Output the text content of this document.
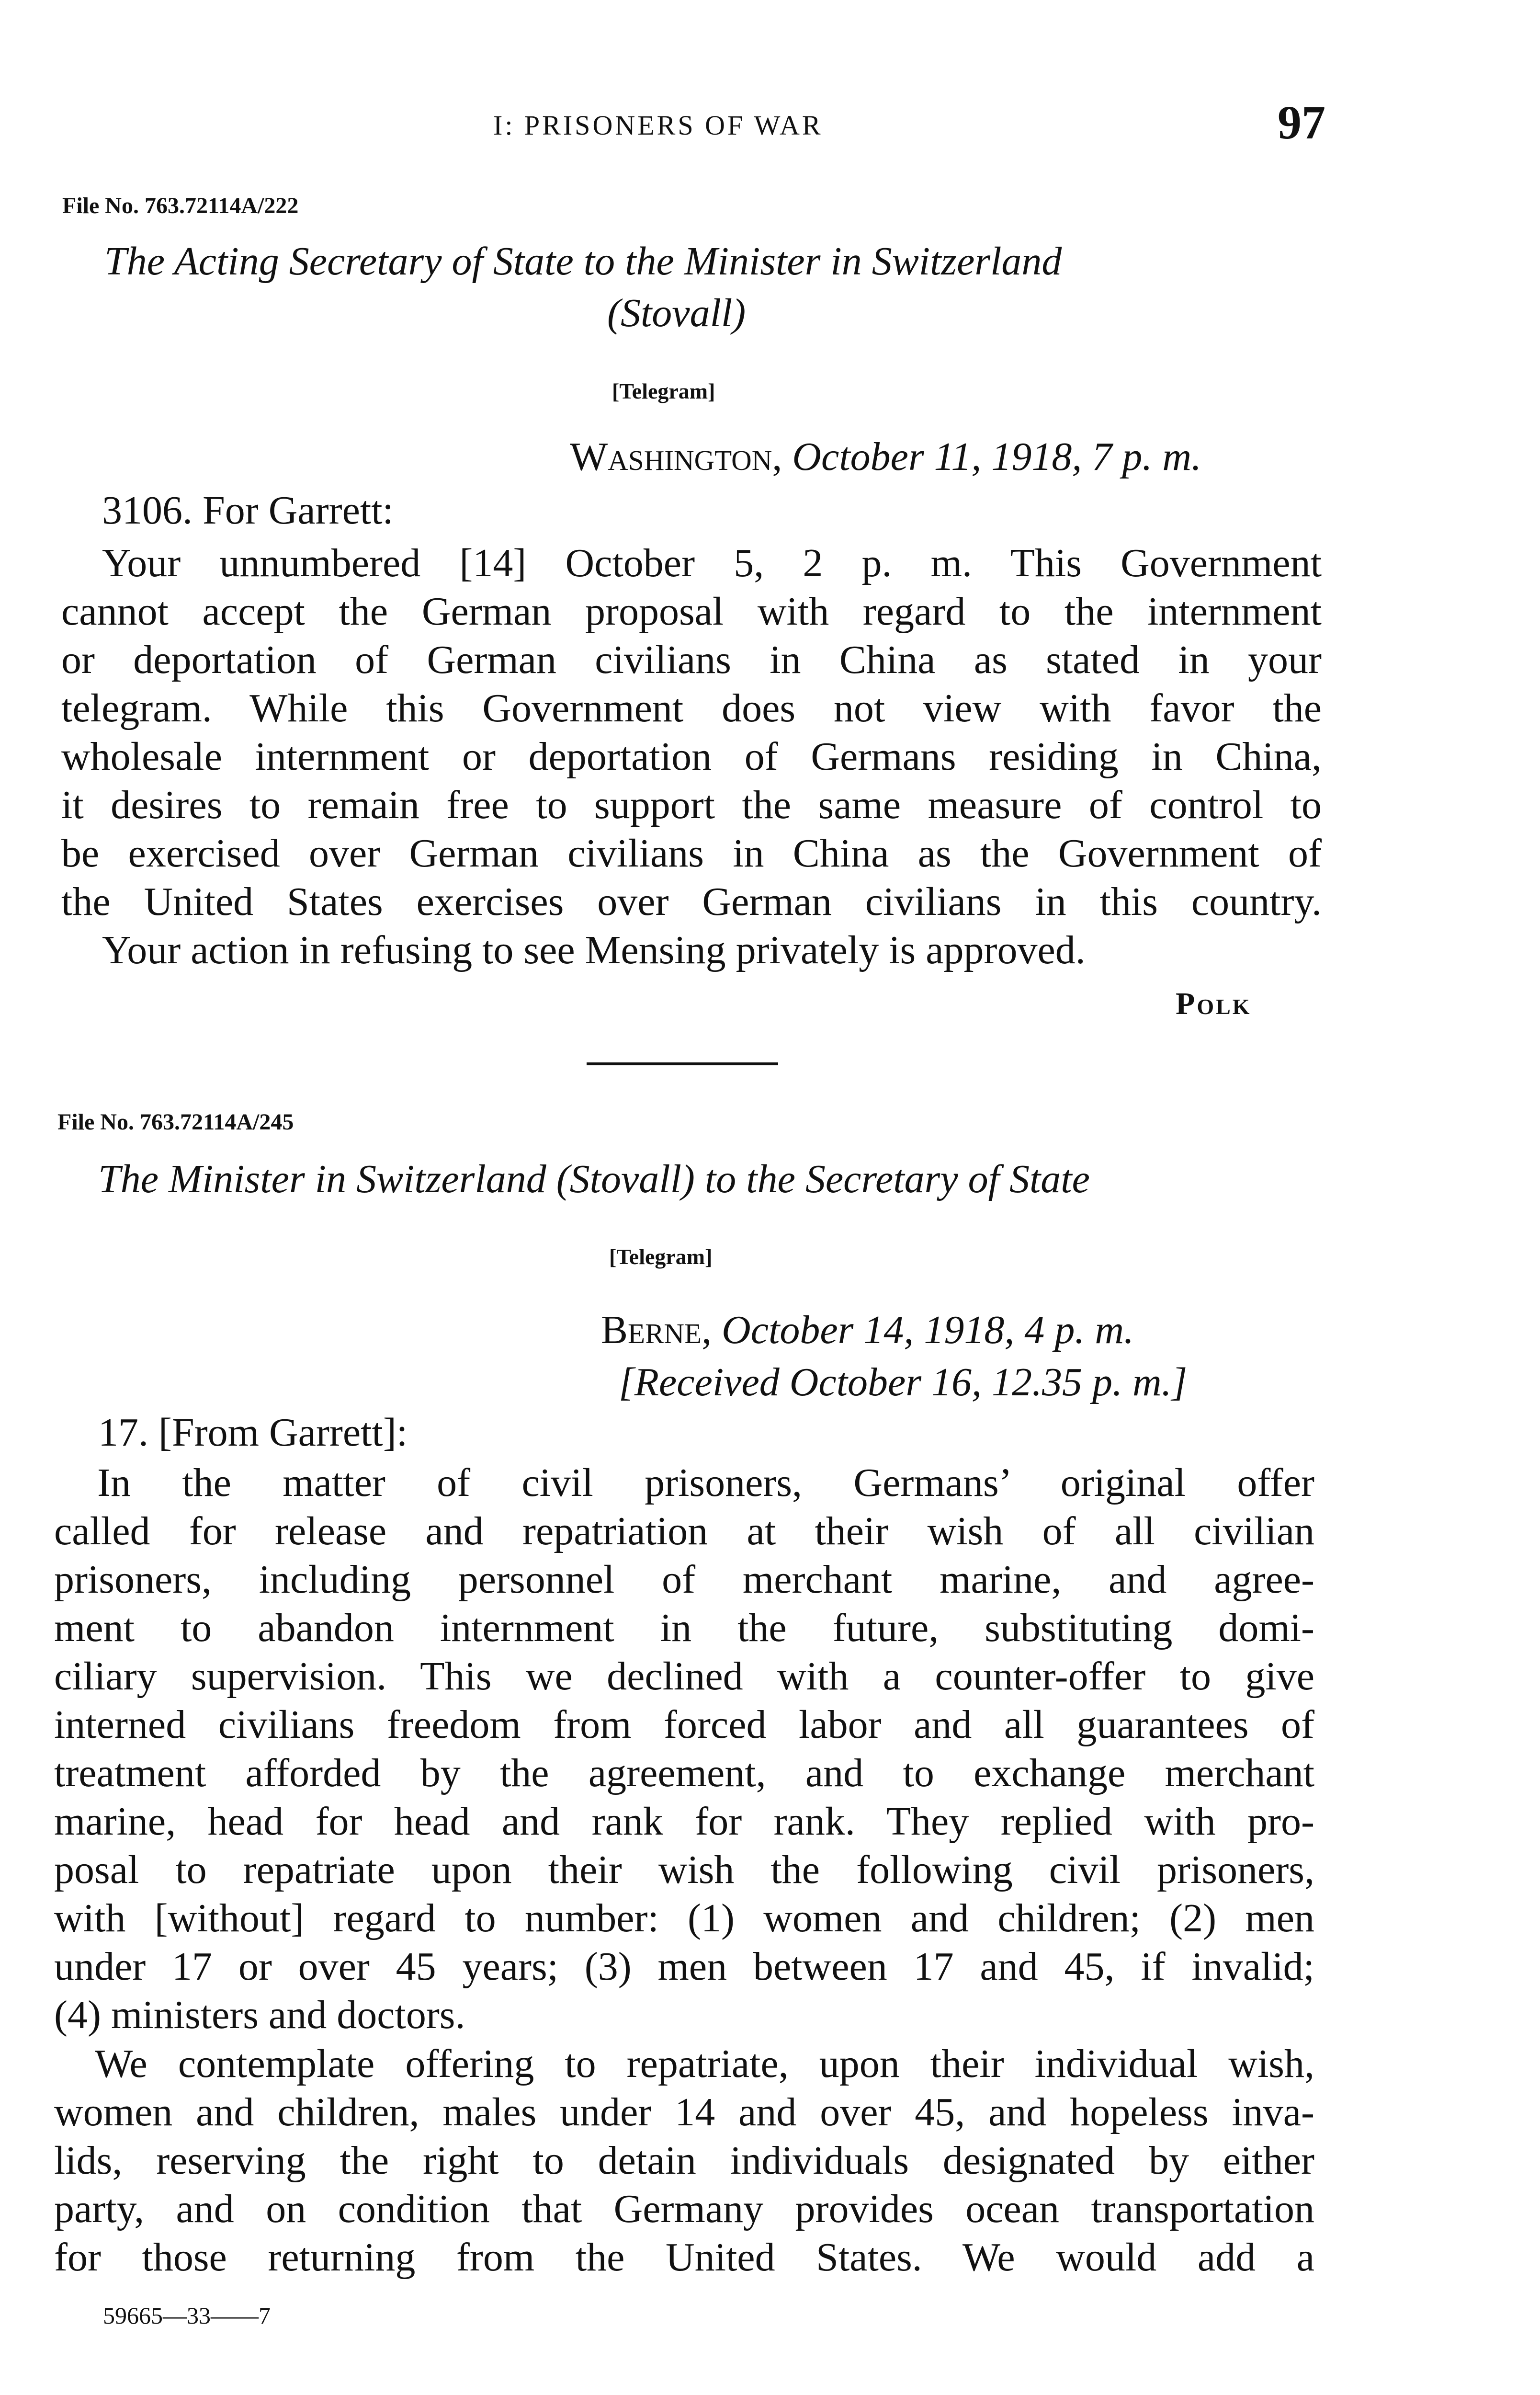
I: PRISONERS OF WAR	97
File No. 763.72114A/222
The Acting Secretary of State to the Minister in Switzerland
(Stovall)
[Telegram]
Washington, October 11, 1918, 7 p. m.
3106. For Garrett:
Your unnumbered [14] October 5, 2 p. m. This Government
cannot accept the German proposal with regard to the internment
or deportation of German civilians in China as stated in your
telegram. While this Government does not view with favor the
wholesale internment or deportation of Germans residing in China,
it desires to remain free to support the same measure of control to
be exercised over German civilians in China as the Government of
the United States exercises over German civilians in this country.
Your action in refusing to see Mensing privately is approved.
Polk
File No. 763.72114A/245
The Minister in Switzerland (Stovall) to the Secretary of State
[Telegram]
Berne, October 14, 1918, 4 p. m.
[Received October 16, 12.35 p. m.]
17. [From Garrett]:
In the matter of civil prisoners, Germans’ original offer
called for release and repatriation at their wish of all civilian
prisoners, including personnel of merchant marine, and agree-
ment to abandon internment in the future, substituting domi-
ciliary supervision. This we declined with a counter-offer to give
interned civilians freedom from forced labor and all guarantees of
treatment afforded by the agreement, and to exchange merchant
marine, head for head and rank for rank. They replied with pro-
posal to repatriate upon their wish the following civil prisoners,
with [without] regard to number: (1) women and children; (2) men
under 17 or over 45 years; (3) men between 17 and 45, if invalid;
(4) ministers and doctors.
We contemplate offering to repatriate, upon their individual wish,
women and children, males under 14 and over 45, and hopeless inva-
lids, reserving the right to detain individuals designated by either
party, and on condition that Germany provides ocean transportation
for those returning from the United States. We would add a
59665—33——7
